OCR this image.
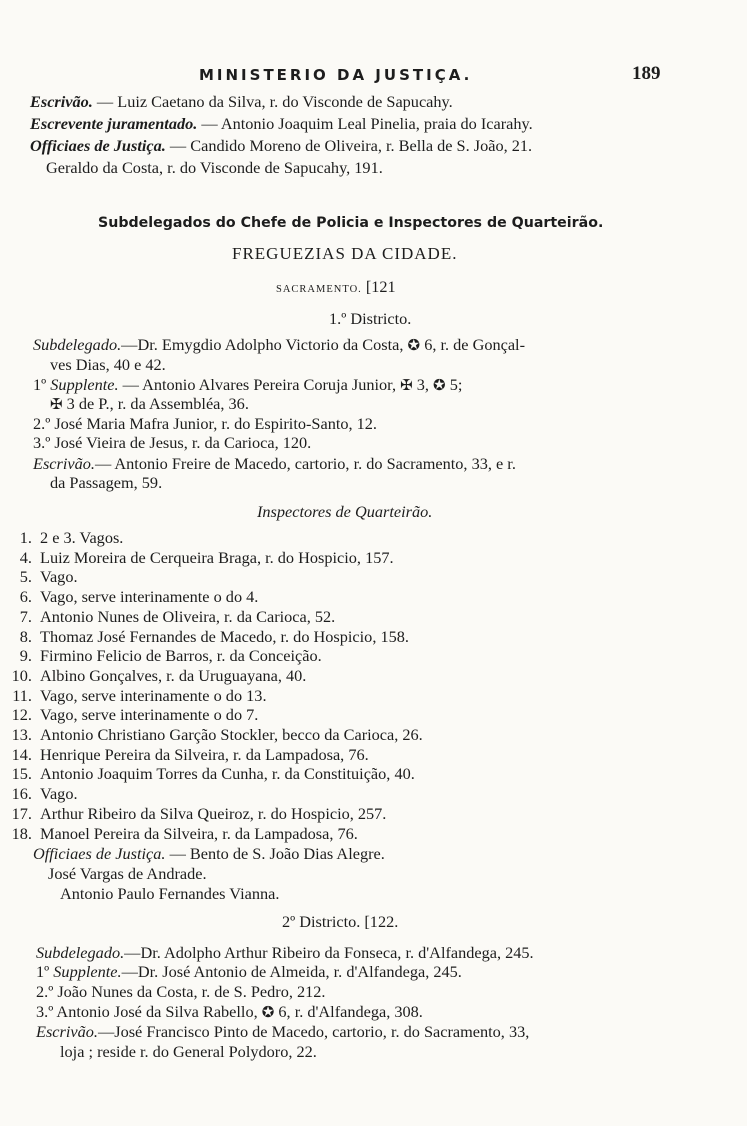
MINISTERIO DA JUSTIÇA.	189
Escrivão. — Luiz Caetano da Silva, r. do Visconde de Sapucahy.
Escrevente juramentado. — Antonio Joaquim Leal Pinelia, praia do Icarahy.
Officiaes de Justiça. — Candido Moreno de Oliveira, r. Bella de S. João, 21.
Geraldo da Costa, r. do Visconde de Sapucahy, 191.
Subdelegados do Chefe de Policia e Inspectores de Quarteirão.
FREGUEZIAS DA CIDADE.
SACRAMENTO. [121
1.º Districto.
Subdelegado.—Dr. Emygdio Adolpho Victorio da Costa, ✪ 6, r. de Gonçal-
ves Dias, 40 e 42.
1º Supplente. — Antonio Alvares Pereira Coruja Junior, ✠ 3, ✪ 5;
✠ 3 de P., r. da Assembléa, 36.
2.º José Maria Mafra Junior, r. do Espirito-Santo, 12.
3.º José Vieira de Jesus, r. da Carioca, 120.
Escrivão.— Antonio Freire de Macedo, cartorio, r. do Sacramento, 33, e r.
da Passagem, 59.
Inspectores de Quarteirão.
1. 2 e 3. Vagos.
4. Luiz Moreira de Cerqueira Braga, r. do Hospicio, 157.
5. Vago.
6. Vago, serve interinamente o do 4.
7. Antonio Nunes de Oliveira, r. da Carioca, 52.
8. Thomaz José Fernandes de Macedo, r. do Hospicio, 158.
9. Firmino Felicio de Barros, r. da Conceição.
10. Albino Gonçalves, r. da Uruguayana, 40.
11. Vago, serve interinamente o do 13.
12. Vago, serve interinamente o do 7.
13. Antonio Christiano Garção Stockler, becco da Carioca, 26.
14. Henrique Pereira da Silveira, r. da Lampadosa, 76.
15. Antonio Joaquim Torres da Cunha, r. da Constituição, 40.
16. Vago.
17. Arthur Ribeiro da Silva Queiroz, r. do Hospicio, 257.
18. Manoel Pereira da Silveira, r. da Lampadosa, 76.
Officiaes de Justiça. — Bento de S. João Dias Alegre.
José Vargas de Andrade.
Antonio Paulo Fernandes Vianna.
2º Districto. [122.
Subdelegado.—Dr. Adolpho Arthur Ribeiro da Fonseca, r. d'Alfandega, 245.
1º Supplente.—Dr. José Antonio de Almeida, r. d'Alfandega, 245.
2.º João Nunes da Costa, r. de S. Pedro, 212.
3.º Antonio José da Silva Rabello, ✪ 6, r. d'Alfandega, 308.
Escrivão.—José Francisco Pinto de Macedo, cartorio, r. do Sacramento, 33,
loja ; reside r. do General Polydoro, 22.
